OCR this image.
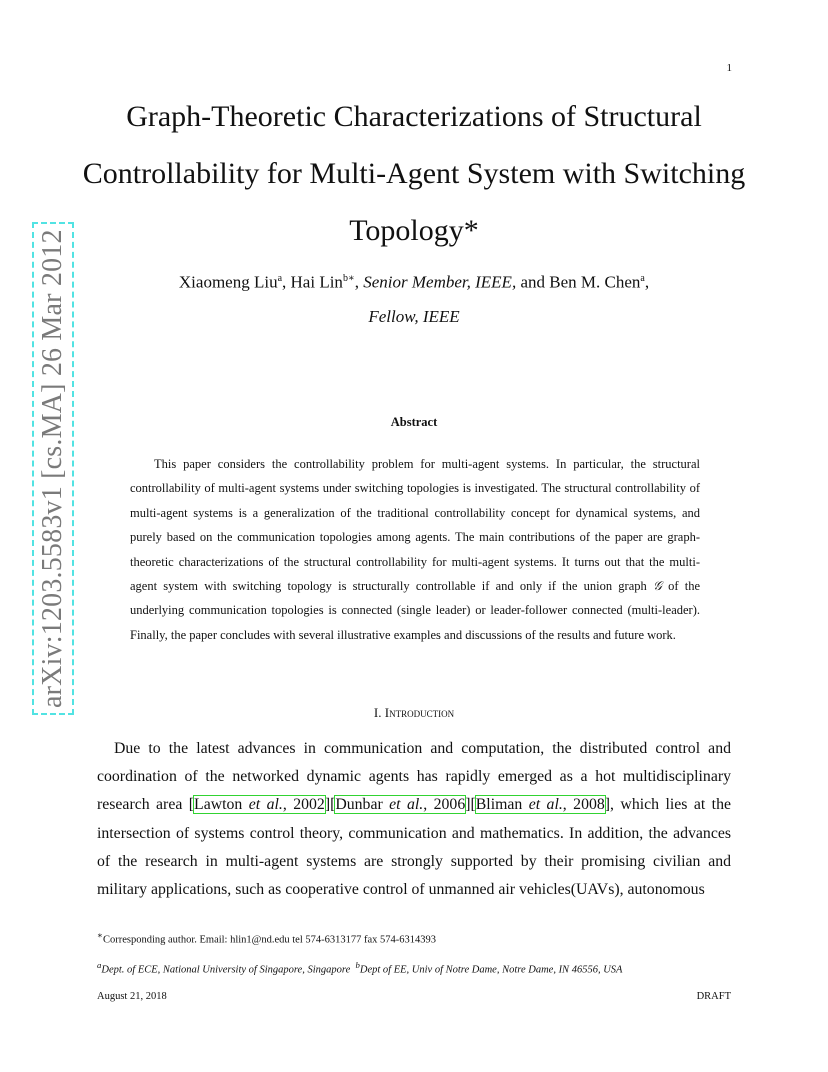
1
arXiv:1203.5583v1 [cs.MA] 26 Mar 2012
Graph-Theoretic Characterizations of Structural Controllability for Multi-Agent System with Switching Topology*
Xiaomeng Liu$^a$, Hai Lin$^{b∗}$, Senior Member, IEEE, and Ben M. Chen$^a$,
Fellow, IEEE
Abstract
This paper considers the controllability problem for multi-agent systems. In particular, the structural controllability of multi-agent systems under switching topologies is investigated. The structural controllability of multi-agent systems is a generalization of the traditional controllability concept for dynamical systems, and purely based on the communication topologies among agents. The main contributions of the paper are graph-theoretic characterizations of the structural controllability for multi-agent systems. It turns out that the multi-agent system with switching topology is structurally controllable if and only if the union graph 𝒢 of the underlying communication topologies is connected (single leader) or leader-follower connected (multi-leader). Finally, the paper concludes with several illustrative examples and discussions of the results and future work.
I. Introduction
Due to the latest advances in communication and computation, the distributed control and coordination of the networked dynamic agents has rapidly emerged as a hot multidisciplinary research area [Lawton et al., 2002][Dunbar et al., 2006][Bliman et al., 2008], which lies at the intersection of systems control theory, communication and mathematics. In addition, the advances of the research in multi-agent systems are strongly supported by their promising civilian and military applications, such as cooperative control of unmanned air vehicles(UAVs), autonomous
∗Corresponding author. Email: hlin1@nd.edu tel 574-6313177 fax 574-6314393
$^a$Dept. of ECE, National University of Singapore, Singapore $^b$Dept of EE, Univ of Notre Dame, Notre Dame, IN 46556, USA
August 21, 2018	DRAFT
